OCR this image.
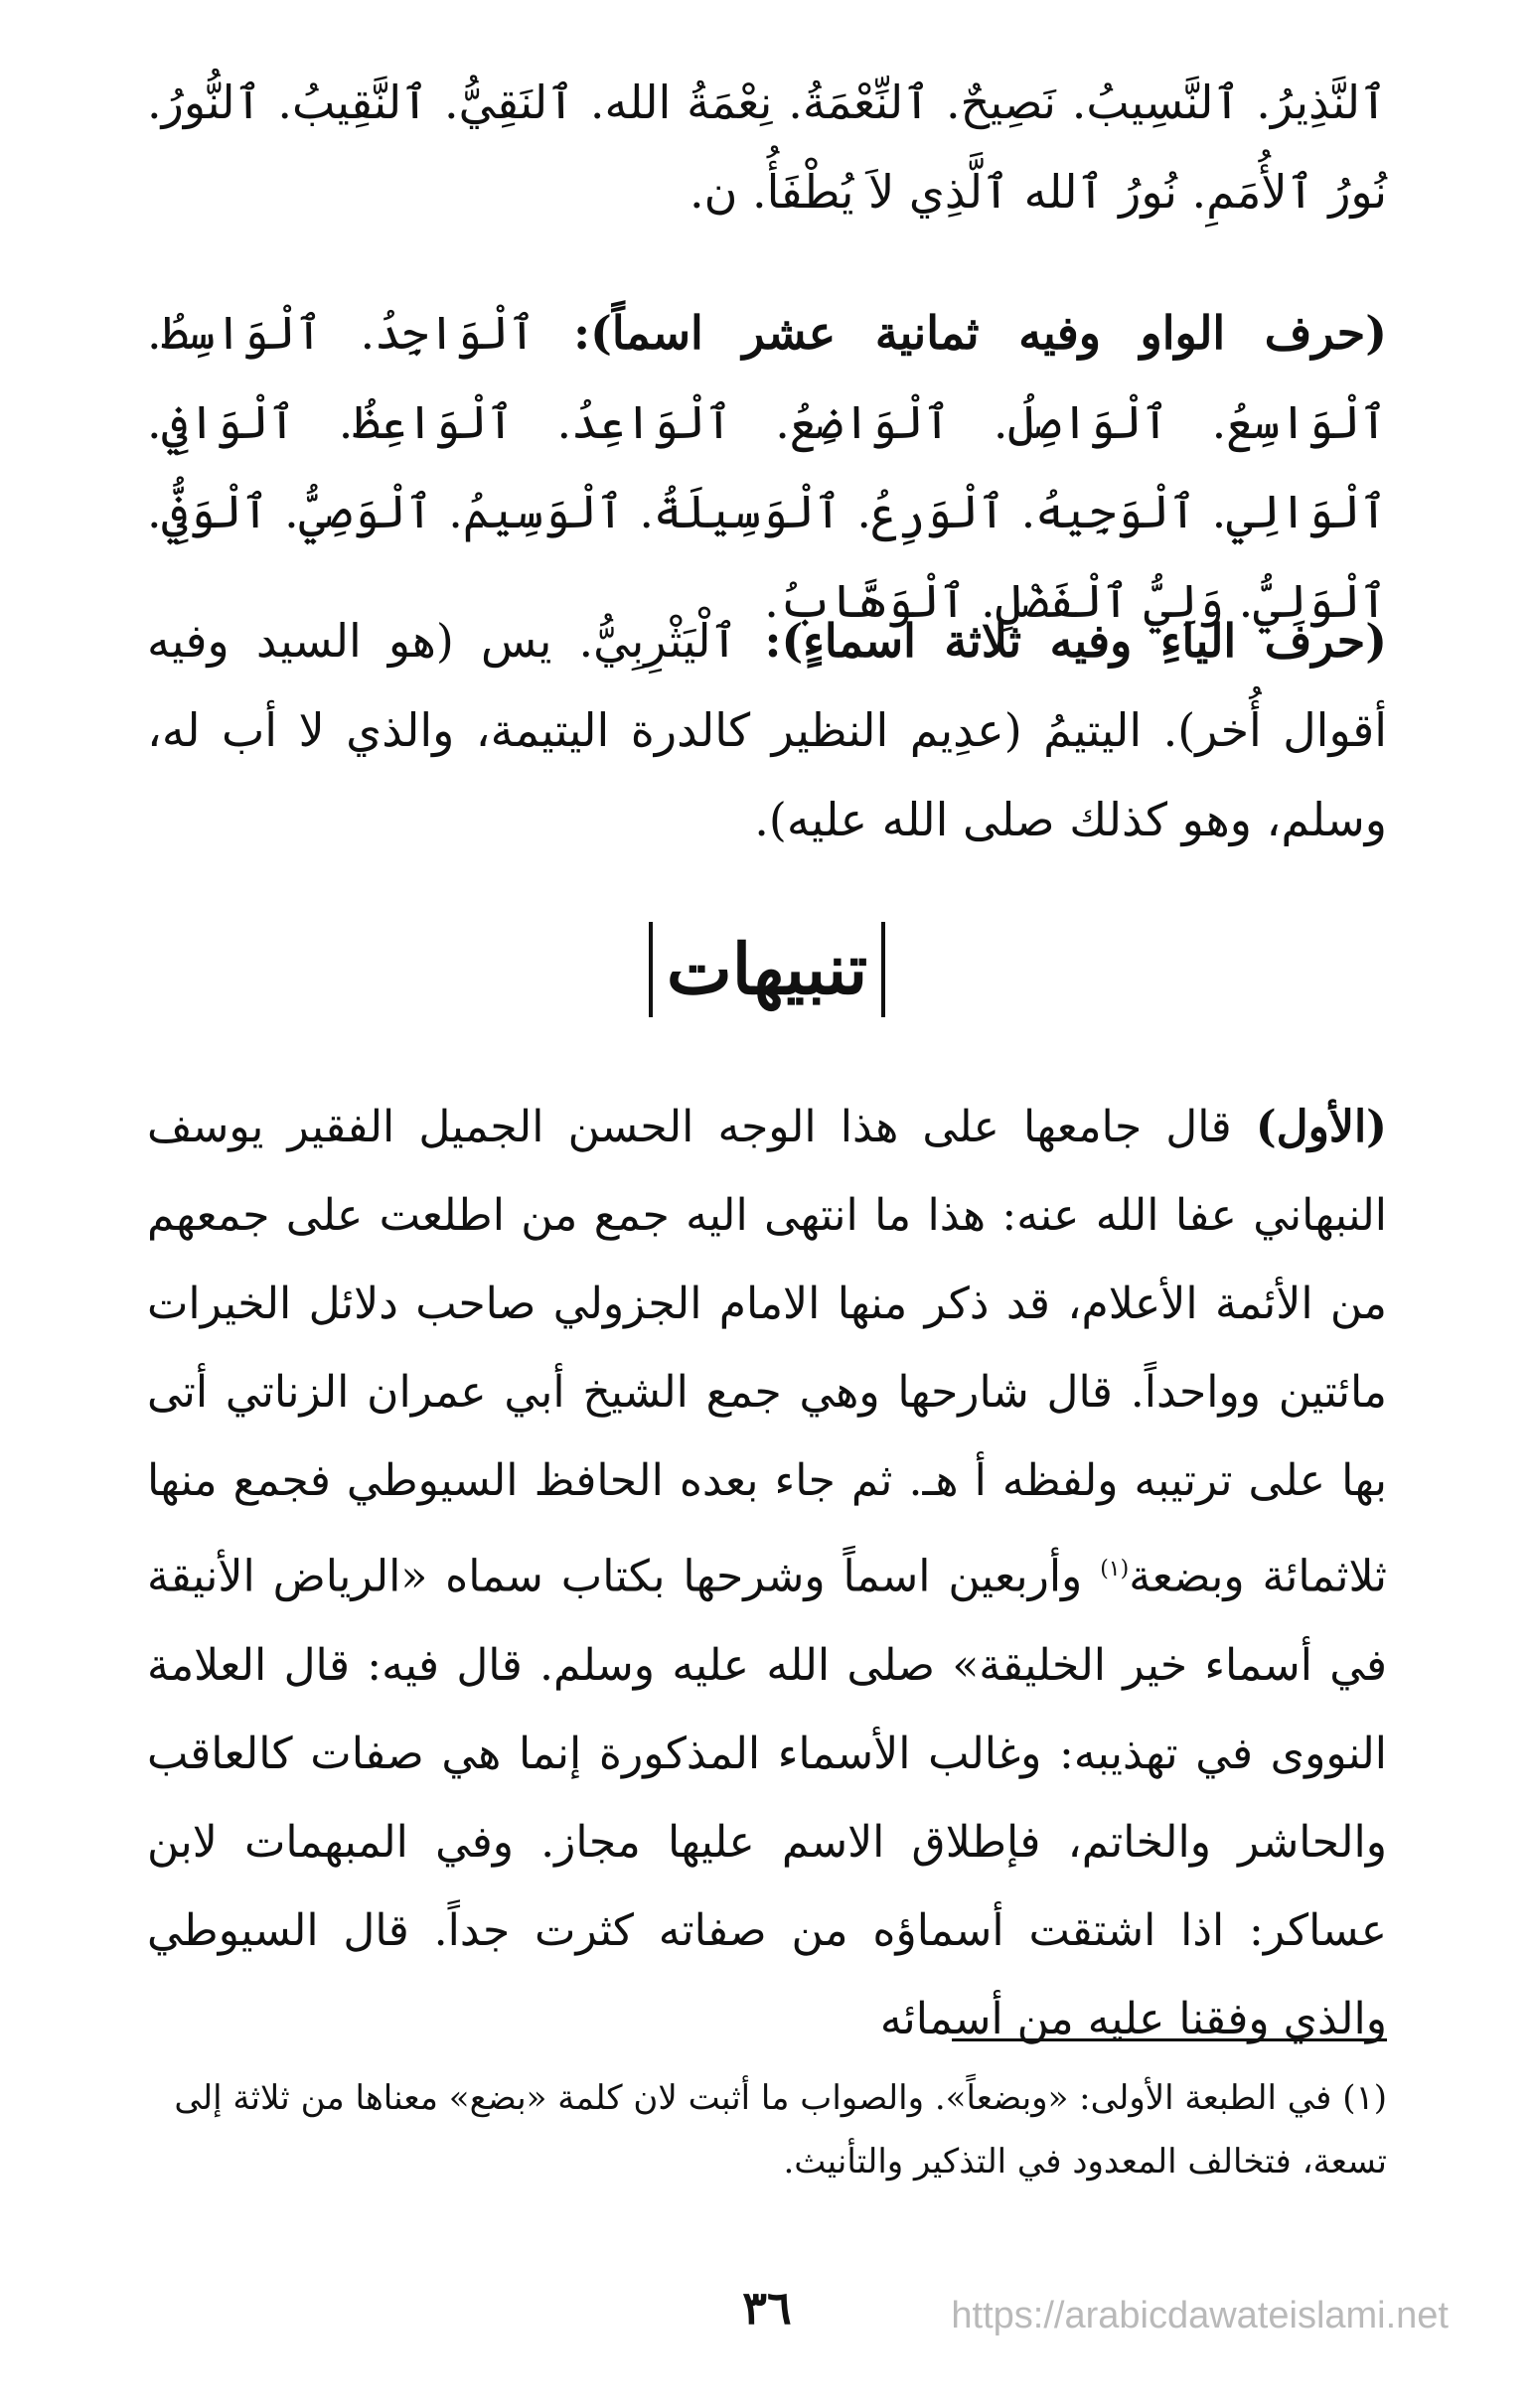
ٱلنَّذِيرُ. ٱلنَّسِيبُ. نَصِيحٌ. ٱلنِّعْمَةُ. نِعْمَةُ الله. ٱلنَقِيُّ. ٱلنَّقِيبُ. ٱلنُّورُ. نُورُ ٱلأُمَمِ. نُورُ ٱلله ٱلَّذِي لاَ يُطْفَأُ. ن.

(حرف الواو وفيه ثمانية عشر اسماً): ٱلْوَاجِدُ. ٱلْوَاسِطُ. ٱلْوَاسِعُ. ٱلْوَاصِلُ. ٱلْوَاضِعُ. ٱلْوَاعِدُ. ٱلْوَاعِظُ. ٱلْوَافِي. ٱلْوَالِي. ٱلْوَجِيهُ. ٱلْوَرِعُ. ٱلْوَسِيلَةُ. ٱلْوَسِيمُ. ٱلْوَصِيُّ. ٱلْوَفِيُّ. ٱلْوَلِيُّ. وَلِيُّ ٱلْفَضْلِ. ٱلْوَهَّابُ.

(حرف الياءِ وفيه ثلاثة اسماءٍ): ٱلْيَثْرِبِيُّ. يس (هو السيد وفيه أقوال أُخر). اليتيمُ (عدِيم النظير كالدرة اليتيمة، والذي لا أب له، وسلم، وهو كذلك صلى الله عليه).

تنبيهات

(الأول) قال جامعها على هذا الوجه الحسن الجميل الفقير يوسف النبهاني عفا الله عنه: هذا ما انتهى اليه جمع من اطلعت على جمعهم من الأئمة الأعلام، قد ذكر منها الامام الجزولي صاحب دلائل الخيرات مائتين وواحداً. قال شارحها وهي جمع الشيخ أبي عمران الزناتي أتى بها على ترتيبه ولفظه أ هـ. ثم جاء بعده الحافظ السيوطي فجمع منها ثلاثمائة وبضعة$^{(١)}$ وأربعين اسماً وشرحها بكتاب سماه «الرياض الأنيقة في أسماء خير الخليقة» صلى الله عليه وسلم. قال فيه: قال العلامة النووى في تهذيبه: وغالب الأسماء المذكورة إنما هي صفات كالعاقب والحاشر والخاتم، فإطلاق الاسم عليها مجاز. وفي المبهمات لابن عساكر: اذا اشتقت أسماؤه من صفاته كثرت جداً. قال السيوطي والذي وفقنا عليه من أسمائه

(١) في الطبعة الأولى: «وبضعاً». والصواب ما أثبت لان كلمة «بضع» معناها من ثلاثة إلى تسعة، فتخالف المعدود في التذكير والتأنيث.

٣٦	https://arabicdawateislami.net
